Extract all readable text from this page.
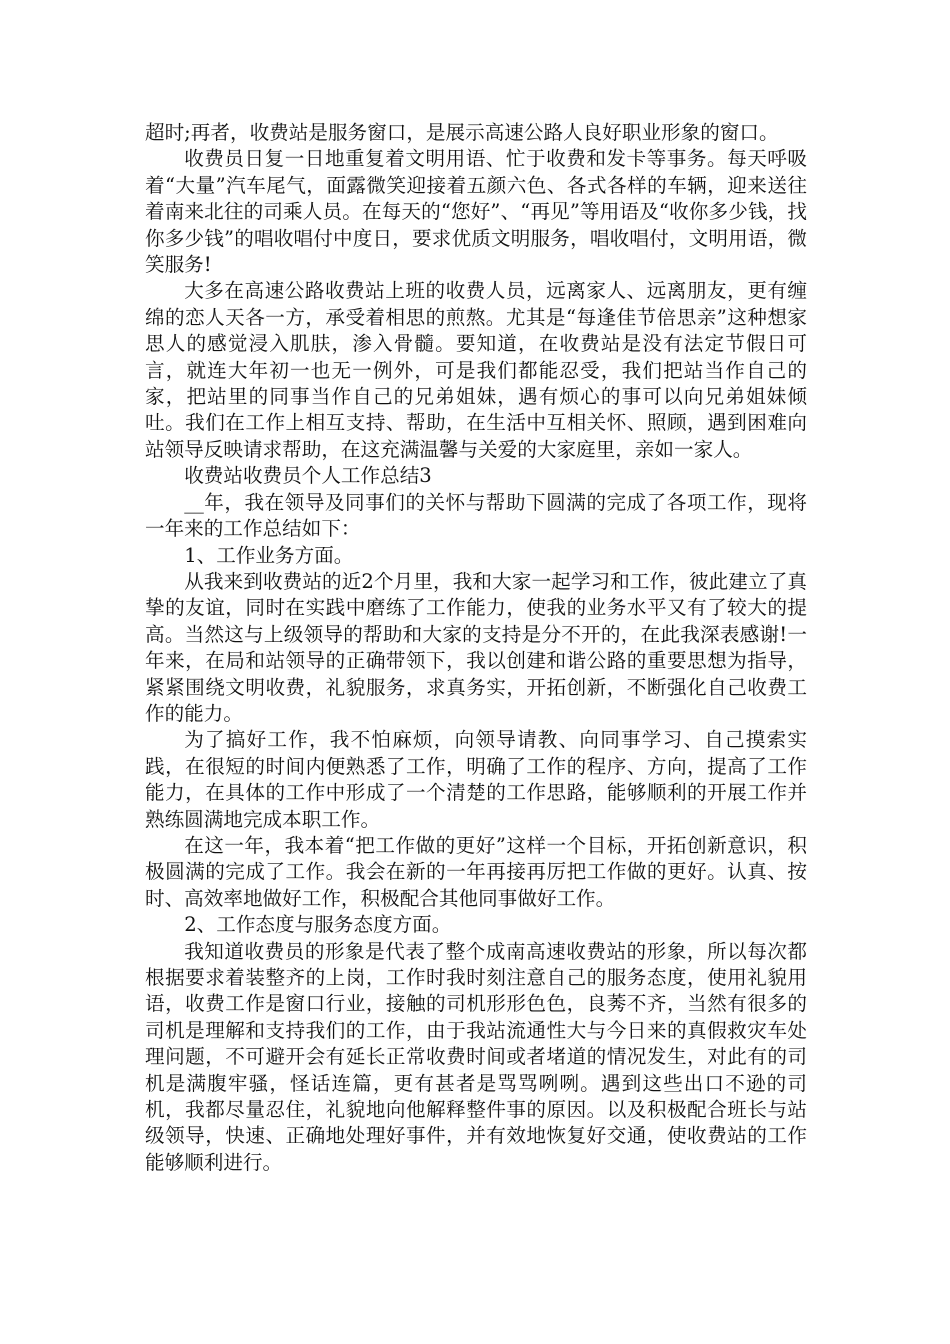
超时;再者，收费站是服务窗口，是展示高速公路人良好职业形象的窗口。

收费员日复一日地重复着文明用语、忙于收费和发卡等事务。每天呼吸着“大量”汽车尾气，面露微笑迎接着五颜六色、各式各样的车辆，迎来送往着南来北往的司乘人员。在每天的“您好”、“再见”等用语及“收你多少钱，找你多少钱”的唱收唱付中度日，要求优质文明服务，唱收唱付，文明用语，微笑服务!

大多在高速公路收费站上班的收费人员，远离家人、远离朋友，更有缠绵的恋人天各一方，承受着相思的煎熬。尤其是“每逢佳节倍思亲”这种想家思人的感觉浸入肌肤，渗入骨髓。要知道，在收费站是没有法定节假日可言，就连大年初一也无一例外，可是我们都能忍受，我们把站当作自己的家，把站里的同事当作自己的兄弟姐妹，遇有烦心的事可以向兄弟姐妹倾吐。我们在工作上相互支持、帮助，在生活中互相关怀、照顾，遇到困难向站领导反映请求帮助，在这充满温馨与关爱的大家庭里，亲如一家人。

收费站收费员个人工作总结3

__年，我在领导及同事们的关怀与帮助下圆满的完成了各项工作，现将一年来的工作总结如下：

1、工作业务方面。

从我来到收费站的近2个月里，我和大家一起学习和工作，彼此建立了真挚的友谊，同时在实践中磨练了工作能力，使我的业务水平又有了较大的提高。当然这与上级领导的帮助和大家的支持是分不开的，在此我深表感谢!一年来，在局和站领导的正确带领下，我以创建和谐公路的重要思想为指导，紧紧围绕文明收费，礼貌服务，求真务实，开拓创新，不断强化自己收费工作的能力。

为了搞好工作，我不怕麻烦，向领导请教、向同事学习、自己摸索实践，在很短的时间内便熟悉了工作，明确了工作的程序、方向，提高了工作能力，在具体的工作中形成了一个清楚的工作思路，能够顺利的开展工作并熟练圆满地完成本职工作。

在这一年，我本着“把工作做的更好”这样一个目标，开拓创新意识，积极圆满的完成了工作。我会在新的一年再接再厉把工作做的更好。认真、按时、高效率地做好工作，积极配合其他同事做好工作。

2、工作态度与服务态度方面。

我知道收费员的形象是代表了整个成南高速收费站的形象，所以每次都根据要求着装整齐的上岗，工作时我时刻注意自己的服务态度，使用礼貌用语，收费工作是窗口行业，接触的司机形形色色，良莠不齐，当然有很多的司机是理解和支持我们的工作，由于我站流通性大与今日来的真假救灾车处理问题，不可避开会有延长正常收费时间或者堵道的情况发生，对此有的司机是满腹牢骚，怪话连篇，更有甚者是骂骂咧咧。遇到这些出口不逊的司机，我都尽量忍住，礼貌地向他解释整件事的原因。以及积极配合班长与站级领导，快速、正确地处理好事件，并有效地恢复好交通，使收费站的工作能够顺利进行。
